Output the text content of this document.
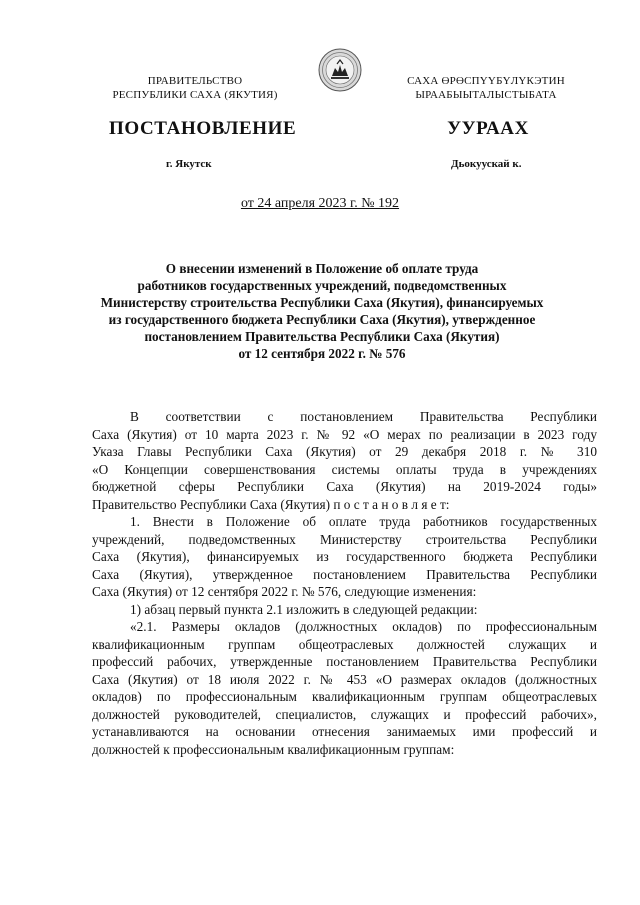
ПРАВИТЕЛЬСТВО
РЕСПУБЛИКИ САХА (ЯКУТИЯ)
САХА ӨРӨСПҮҮБҮЛҮКЭТИН
ЫРААБЫЫТАЛЫСТЫБАТА
ПОСТАНОВЛЕНИЕ	УУРААХ
г. Якутск	Дьокуускай к.
от 24 апреля 2023 г. № 192
О внесении изменений в Положение об оплате труда
работников государственных учреждений, подведомственных
Министерству строительства Республики Саха (Якутия), финансируемых
из государственного бюджета Республики Саха (Якутия), утвержденное
постановлением Правительства Республики Саха (Якутия)
от 12 сентября 2022 г. № 576

В соответствии с постановлением Правительства Республики
Саха (Якутия) от 10 марта 2023 г. № 92 «О мерах по реализации в 2023 году
Указа Главы Республики Саха (Якутия) от 29 декабря 2018 г. № 310
«О Концепции совершенствования системы оплаты труда в учреждениях
бюджетной сферы Республики Саха (Якутия) на 2019-2024 годы»
Правительство Республики Саха (Якутия) п о с т а н о в л я е т:

1. Внести в Положение об оплате труда работников государственных
учреждений, подведомственных Министерству строительства Республики
Саха (Якутия), финансируемых из государственного бюджета Республики
Саха (Якутия), утвержденное постановлением Правительства Республики
Саха (Якутия) от 12 сентября 2022 г. № 576, следующие изменения:

1) абзац первый пункта 2.1 изложить в следующей редакции:

«2.1. Размеры окладов (должностных окладов) по профессиональным
квалификационным группам общеотраслевых должностей служащих и
профессий рабочих, утвержденные постановлением Правительства Республики
Саха (Якутия) от 18 июля 2022 г. № 453 «О размерах окладов (должностных
окладов) по профессиональным квалификационным группам общеотраслевых
должностей руководителей, специалистов, служащих и профессий рабочих»,
устанавливаются на основании отнесения занимаемых ими профессий и
должностей к профессиональным квалификационным группам:
